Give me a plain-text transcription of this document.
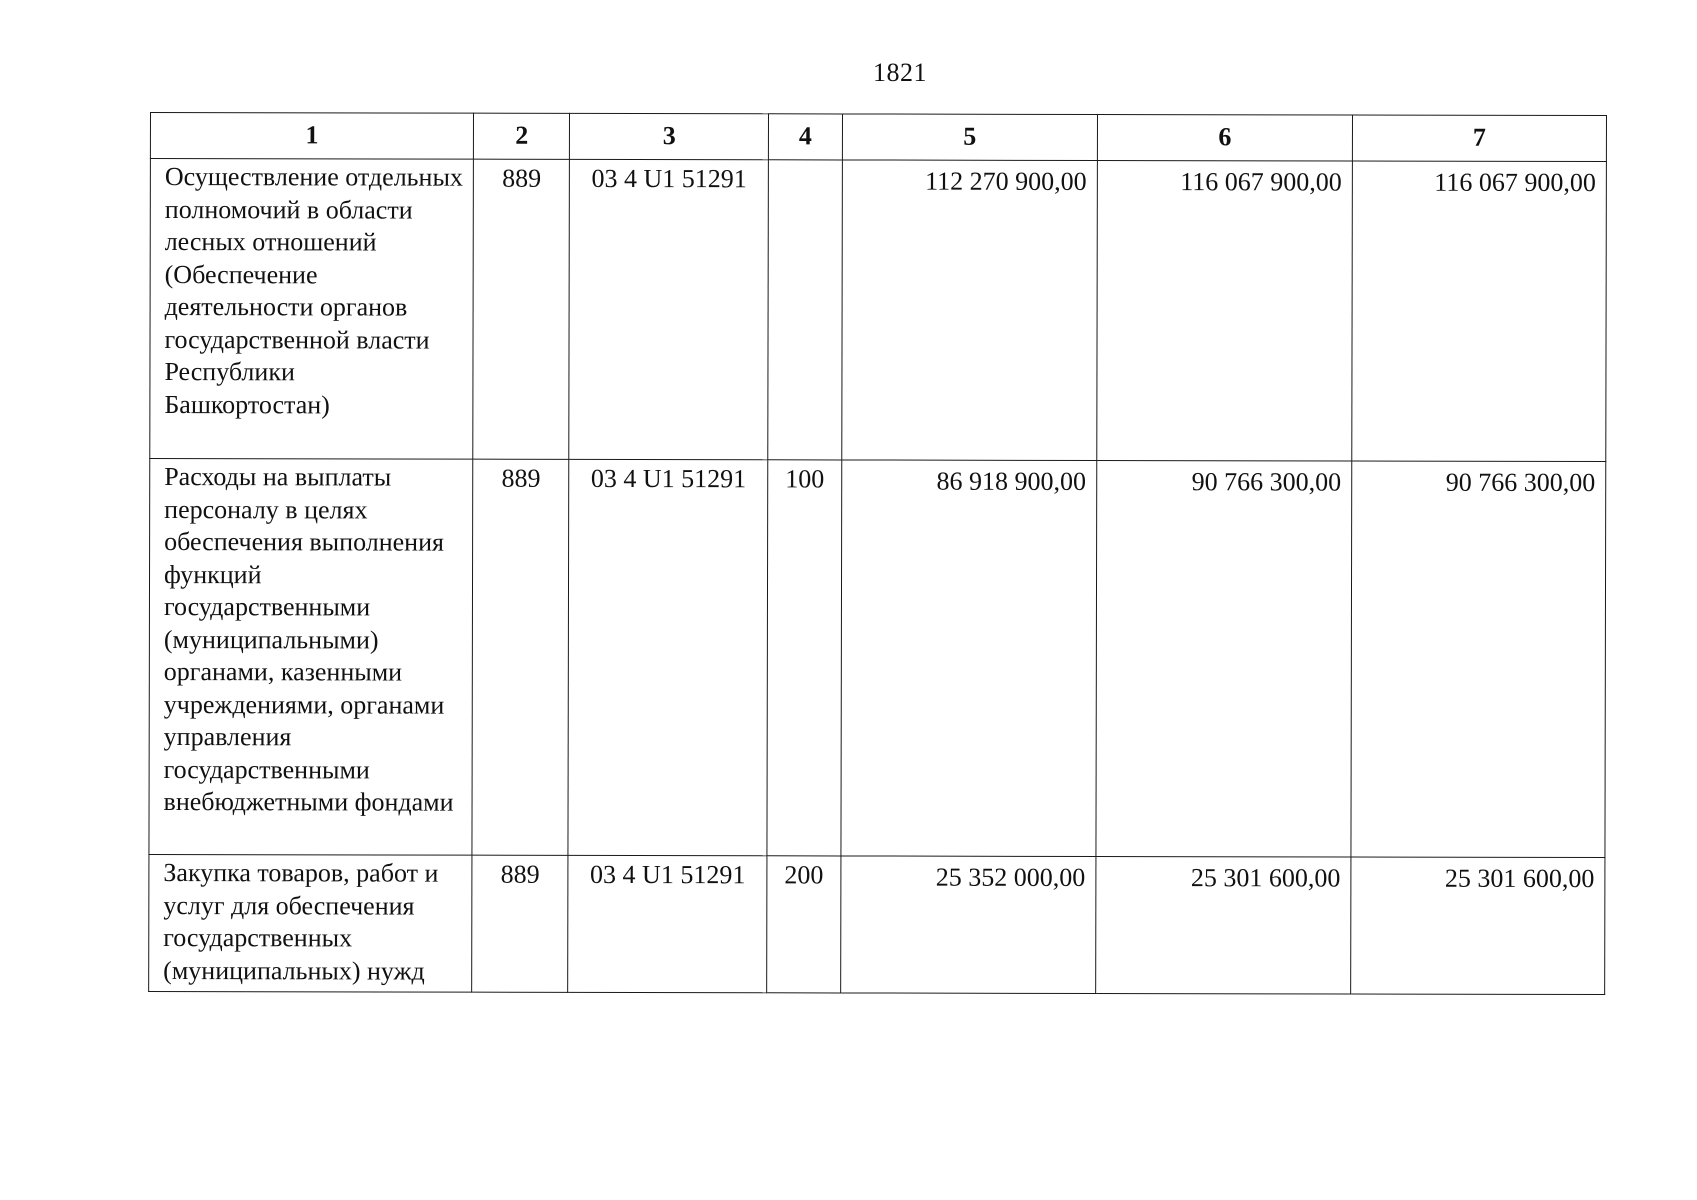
1821
1	2	3	4	5	6	7
Осуществление отдельных полномочий в области лесных отношений (Обеспечение деятельности органов государственной власти Республики Башкортостан)	889	03 4 U1 51291		112 270 900,00	116 067 900,00	116 067 900,00
Расходы на выплаты персоналу в целях обеспечения выполнения функций государственными (муниципальными) органами, казенными учреждениями, органами управления государственными внебюджетными фондами	889	03 4 U1 51291	100	86 918 900,00	90 766 300,00	90 766 300,00
Закупка товаров, работ и услуг для обеспечения государственных (муниципальных) нужд	889	03 4 U1 51291	200	25 352 000,00	25 301 600,00	25 301 600,00
